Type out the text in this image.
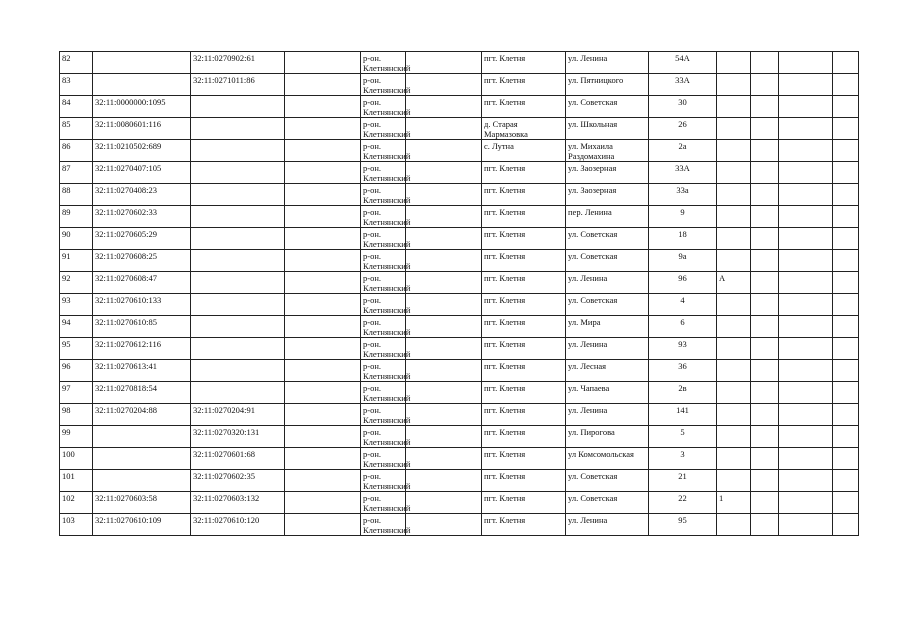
82		32:11:0270902:61		р-он. Клетнянский		пгт. Клетня	ул. Ленина	54А				
83		32:11:0271011:86		р-он. Клетнянский		пгт. Клетня	ул. Пятницкого	33А				
84	32:11:0000000:1095			р-он. Клетнянский		пгт. Клетня	ул. Советская	30				
85	32:11:0080601:116			р-он. Клетнянский		д. Старая Мармазовка	ул. Школьная	26				
86	32:11:0210502:689			р-он. Клетнянский		с. Лутна	ул. Михаила Раздомахина	2а				
87	32:11:0270407:105			р-он. Клетнянский		пгт. Клетня	ул. Заозерная	33А				
88	32:11:0270408:23			р-он. Клетнянский		пгт. Клетня	ул. Заозерная	33а				
89	32:11:0270602:33			р-он. Клетнянский		пгт. Клетня	пер. Ленина	9				
90	32:11:0270605:29			р-он. Клетнянский		пгт. Клетня	ул. Советская	18				
91	32:11:0270608:25			р-он. Клетнянский		пгт. Клетня	ул. Советская	9а				
92	32:11:0270608:47			р-он. Клетнянский		пгт. Клетня	ул. Ленина	96	А			
93	32:11:0270610:133			р-он. Клетнянский		пгт. Клетня	ул. Советская	4				
94	32:11:0270610:85			р-он. Клетнянский		пгт. Клетня	ул. Мира	6				
95	32:11:0270612:116			р-он. Клетнянский		пгт. Клетня	ул. Ленина	93				
96	32:11:0270613:41			р-он. Клетнянский		пгт. Клетня	ул. Лесная	36				
97	32:11:0270818:54			р-он. Клетнянский		пгт. Клетня	ул. Чапаева	2в				
98	32:11:0270204:88	32:11:0270204:91		р-он. Клетнянский		пгт. Клетня	ул. Ленина	141				
99		32:11:0270320:131		р-он. Клетнянский		пгт. Клетня	ул. Пирогова	5				
100		32:11:0270601:68		р-он. Клетнянский		пгт. Клетня	ул Комсомольская	3				
101		32:11:0270602:35		р-он. Клетнянский		пгт. Клетня	ул. Советская	21				
102	32:11:0270603:58	32:11:0270603:132		р-он. Клетнянский		пгт. Клетня	ул. Советская	22	1			
103	32:11:0270610:109	32:11:0270610:120		р-он. Клетнянский		пгт. Клетня	ул. Ленина	95				
